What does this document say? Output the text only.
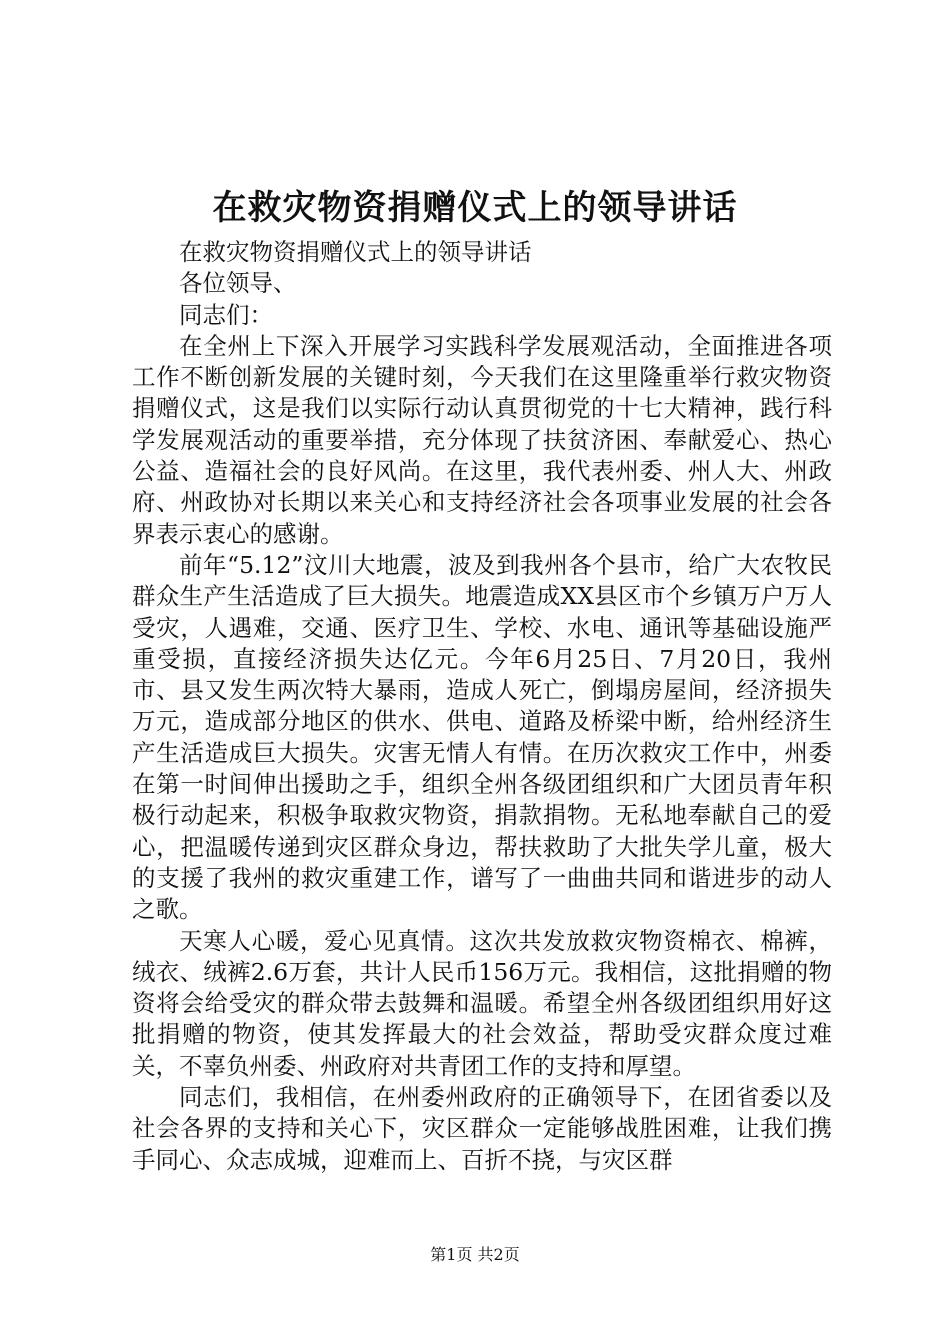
在救灾物资捐赠仪式上的领导讲话

在救灾物资捐赠仪式上的领导讲话

各位领导、

同志们：

在全州上下深入开展学习实践科学发展观活动，全面推进各项工作不断创新发展的关键时刻，今天我们在这里隆重举行救灾物资捐赠仪式，这是我们以实际行动认真贯彻党的十七大精神，践行科学发展观活动的重要举措，充分体现了扶贫济困、奉献爱心、热心公益、造福社会的良好风尚。在这里，我代表州委、州人大、州政府、州政协对长期以来关心和支持经济社会各项事业发展的社会各界表示衷心的感谢。

前年“5.12”汶川大地震，波及到我州各个县市，给广大农牧民群众生产生活造成了巨大损失。地震造成XX县区市个乡镇万户万人受灾，人遇难，交通、医疗卫生、学校、水电、通讯等基础设施严重受损，直接经济损失达亿元。今年6月25日、7月20日，我州市、县又发生两次特大暴雨，造成人死亡，倒塌房屋间，经济损失万元，造成部分地区的供水、供电、道路及桥梁中断，给州经济生产生活造成巨大损失。灾害无情人有情。在历次救灾工作中，州委在第一时间伸出援助之手，组织全州各级团组织和广大团员青年积极行动起来，积极争取救灾物资，捐款捐物。无私地奉献自己的爱心，把温暖传递到灾区群众身边，帮扶救助了大批失学儿童，极大的支援了我州的救灾重建工作，谱写了一曲曲共同和谐进步的动人之歌。

天寒人心暖，爱心见真情。这次共发放救灾物资棉衣、棉裤，绒衣、绒裤2.6万套，共计人民币156万元。我相信，这批捐赠的物资将会给受灾的群众带去鼓舞和温暖。希望全州各级团组织用好这批捐赠的物资，使其发挥最大的社会效益，帮助受灾群众度过难关，不辜负州委、州政府对共青团工作的支持和厚望。

同志们，我相信，在州委州政府的正确领导下，在团省委以及社会各界的支持和关心下，灾区群众一定能够战胜困难，让我们携手同心、众志成城，迎难而上、百折不挠，与灾区群

第1页 共2页
